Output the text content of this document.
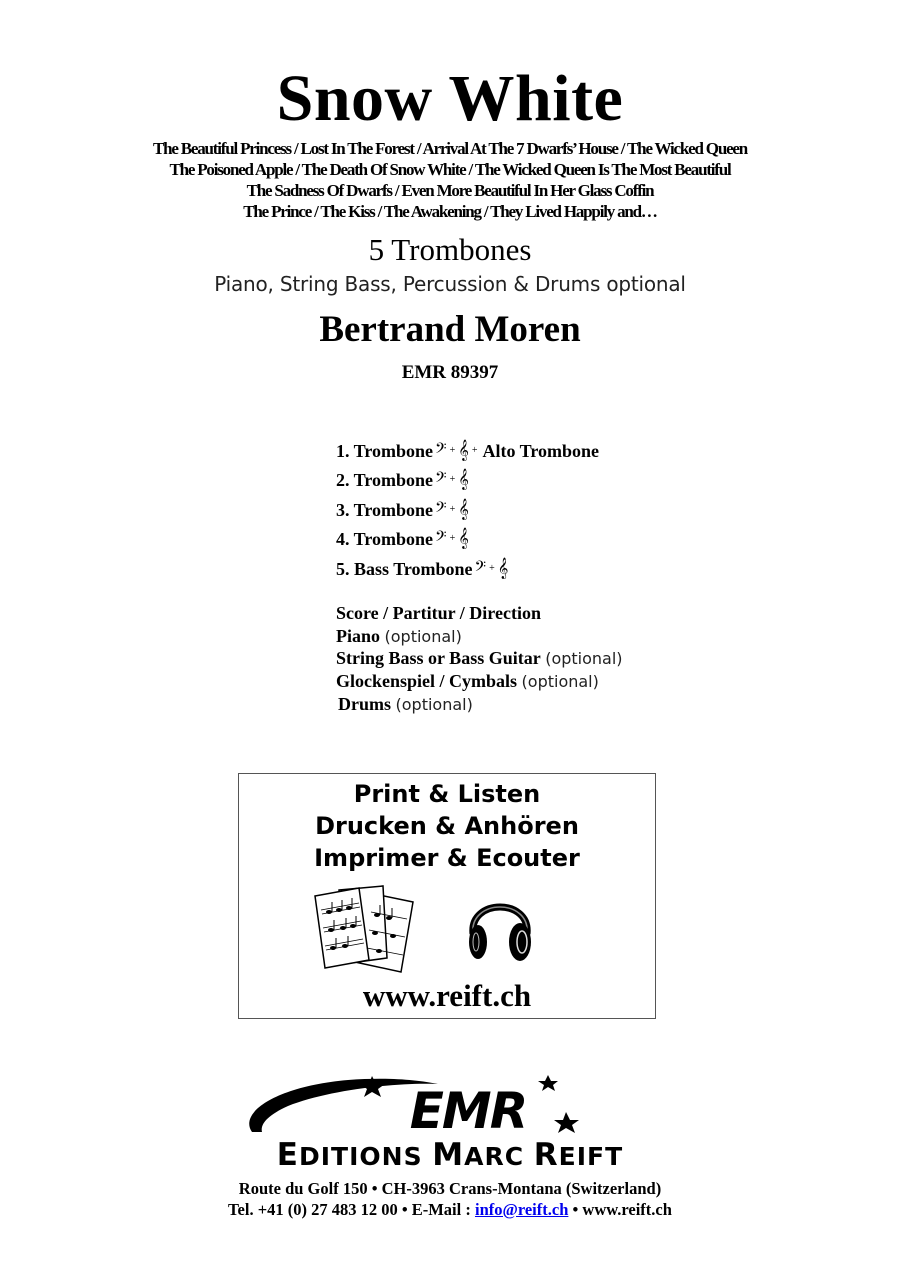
Snow White
The Beautiful Princess / Lost In The Forest / Arrival At The 7 Dwarfs’ House / The Wicked Queen
The Poisoned Apple / The Death Of Snow White / The Wicked Queen Is The Most Beautiful
The Sadness Of Dwarfs / Even More Beautiful In Her Glass Coffin
The Prince / The Kiss / The Awakening / They Lived Happily and…
5 Trombones
Piano, String Bass, Percussion & Drums optional
Bertrand Moren
EMR 89397
1. Trombone 𝄢 + 𝄞 + Alto Trombone
2. Trombone 𝄢 + 𝄞
3. Trombone 𝄢 + 𝄞
4. Trombone 𝄢 + 𝄞
5. Bass Trombone 𝄢 + 𝄞
Score / Partitur / Direction
Piano (optional)
String Bass or Bass Guitar (optional)
Glockenspiel / Cymbals (optional)
Drums (optional)
Print & Listen
Drucken & Anhören
Imprimer & Ecouter
www.reift.ch
EMR
EDITIONS MARC REIFT
Route du Golf 150 • CH-3963 Crans-Montana (Switzerland)
Tel. +41 (0) 27 483 12 00 • E-Mail : info@reift.ch • www.reift.ch
